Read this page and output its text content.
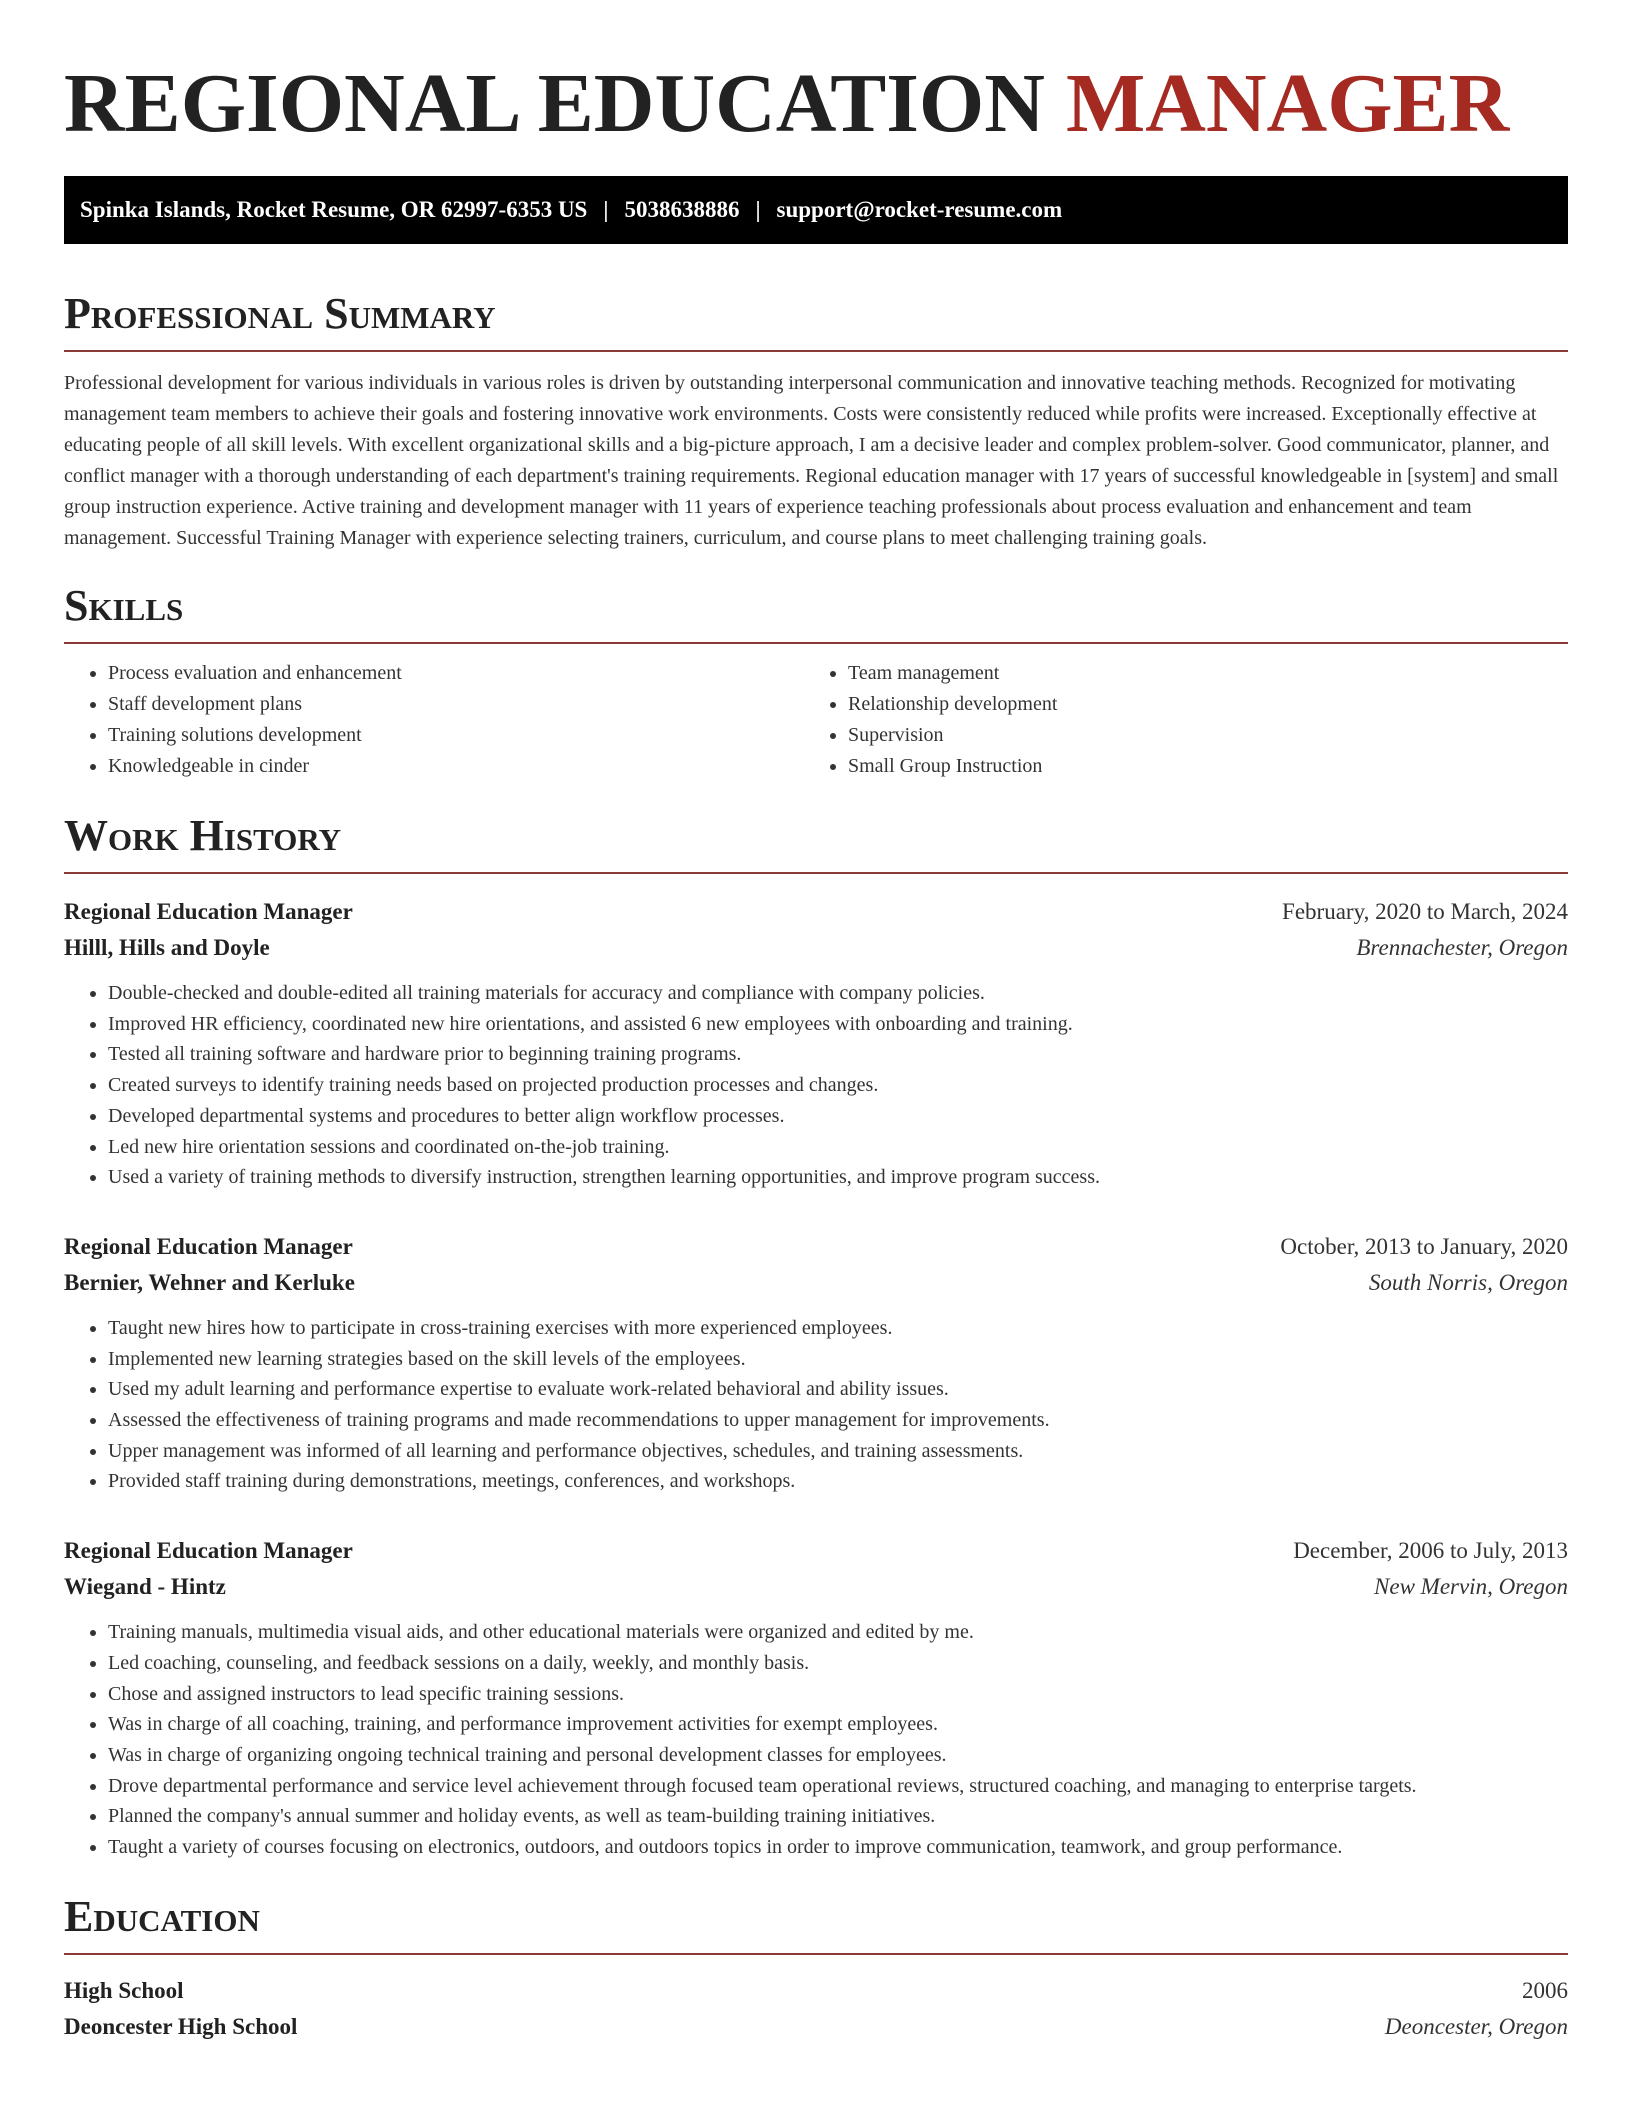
REGIONAL EDUCATION MANAGER
Spinka Islands, Rocket Resume, OR 62997-6353 US | 5038638886 | support@rocket-resume.com
Professional Summary

Professional development for various individuals in various roles is driven by outstanding interpersonal communication and innovative teaching methods. Recognized for motivating management team members to achieve their goals and fostering innovative work environments. Costs were consistently reduced while profits were increased. Exceptionally effective at educating people of all skill levels. With excellent organizational skills and a big-picture approach, I am a decisive leader and complex problem-solver. Good communicator, planner, and conflict manager with a thorough understanding of each department's training requirements. Regional education manager with 17 years of successful knowledgeable in [system] and small group instruction experience. Active training and development manager with 11 years of experience teaching professionals about process evaluation and enhancement and team management. Successful Training Manager with experience selecting trainers, curriculum, and course plans to meet challenging training goals.

Skills
• Process evaluation and enhancement
• Staff development plans
• Training solutions development
• Knowledgeable in cinder
• Team management
• Relationship development
• Supervision
• Small Group Instruction
Work History
Regional Education Manager	February, 2020 to March, 2024
Hilll, Hills and Doyle	Brennachester, Oregon
• Double-checked and double-edited all training materials for accuracy and compliance with company policies.
• Improved HR efficiency, coordinated new hire orientations, and assisted 6 new employees with onboarding and training.
• Tested all training software and hardware prior to beginning training programs.
• Created surveys to identify training needs based on projected production processes and changes.
• Developed departmental systems and procedures to better align workflow processes.
• Led new hire orientation sessions and coordinated on-the-job training.
• Used a variety of training methods to diversify instruction, strengthen learning opportunities, and improve program success.
Regional Education Manager	October, 2013 to January, 2020
Bernier, Wehner and Kerluke	South Norris, Oregon
• Taught new hires how to participate in cross-training exercises with more experienced employees.
• Implemented new learning strategies based on the skill levels of the employees.
• Used my adult learning and performance expertise to evaluate work-related behavioral and ability issues.
• Assessed the effectiveness of training programs and made recommendations to upper management for improvements.
• Upper management was informed of all learning and performance objectives, schedules, and training assessments.
• Provided staff training during demonstrations, meetings, conferences, and workshops.
Regional Education Manager	December, 2006 to July, 2013
Wiegand - Hintz	New Mervin, Oregon
• Training manuals, multimedia visual aids, and other educational materials were organized and edited by me.
• Led coaching, counseling, and feedback sessions on a daily, weekly, and monthly basis.
• Chose and assigned instructors to lead specific training sessions.
• Was in charge of all coaching, training, and performance improvement activities for exempt employees.
• Was in charge of organizing ongoing technical training and personal development classes for employees.
• Drove departmental performance and service level achievement through focused team operational reviews, structured coaching, and managing to enterprise targets.
• Planned the company's annual summer and holiday events, as well as team-building training initiatives.
• Taught a variety of courses focusing on electronics, outdoors, and outdoors topics in order to improve communication, teamwork, and group performance.
Education
High School	2006
Deoncester High School	Deoncester, Oregon
